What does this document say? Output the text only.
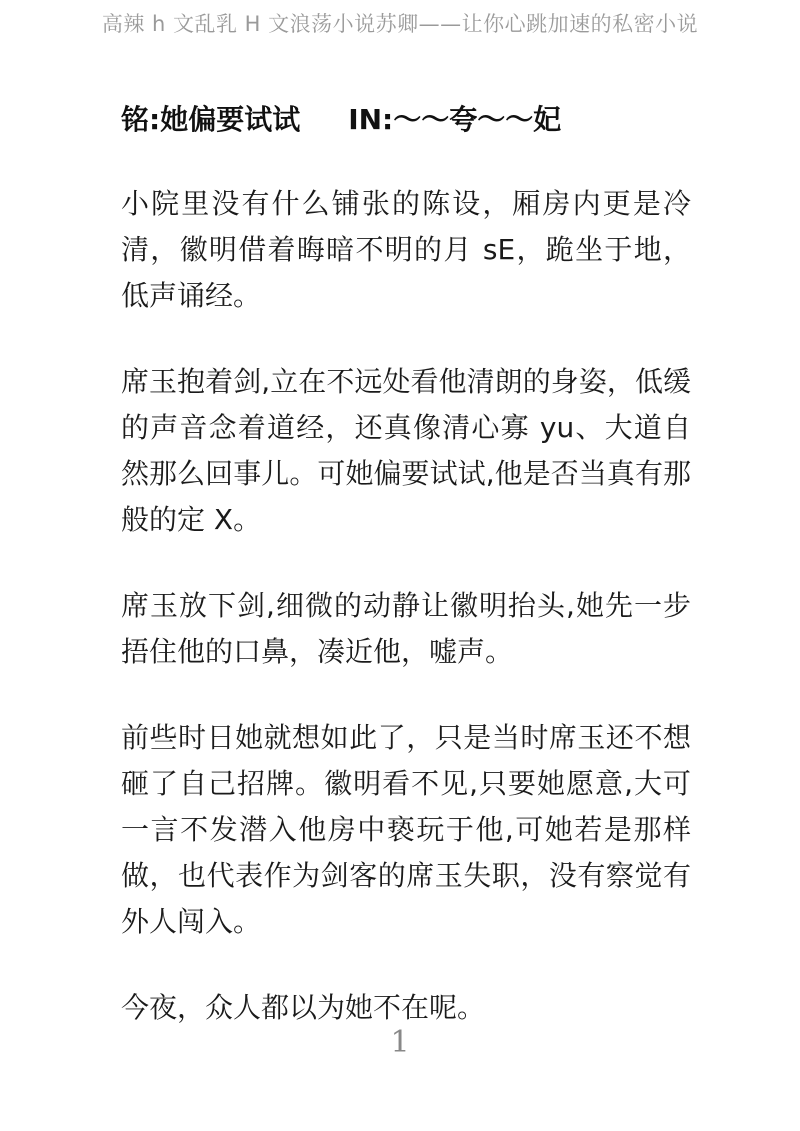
高辣 h 文乱乳 H 文浪荡小说苏卿——让你心跳加速的私密小说
铭:她偏要试试 IN:〜〜夸〜〜妃
小院里没有什么铺张的陈设，厢房内更是冷清，徽明借着晦暗不明的月 sE，跪坐于地，低声诵经。
席玉抱着剑,立在不远处看他清朗的身姿，低缓的声音念着道经，还真像清心寡 yu、大道自然那么回事儿。可她偏要试试,他是否当真有那般的定 X。
席玉放下剑,细微的动静让徽明抬头,她先一步捂住他的口鼻，凑近他，嘘声。
前些时日她就想如此了，只是当时席玉还不想砸了自己招牌。徽明看不见,只要她愿意,大可一言不发潜入他房中亵玩于他,可她若是那样做，也代表作为剑客的席玉失职，没有察觉有外人闯入。
今夜，众人都以为她不在呢。
1
